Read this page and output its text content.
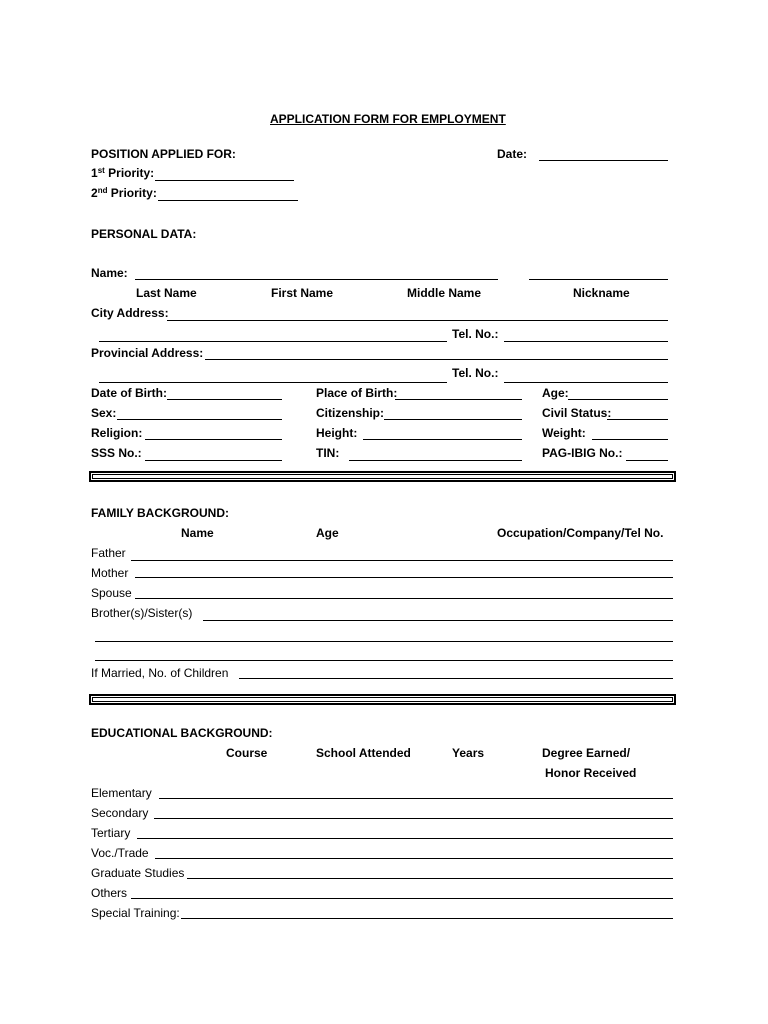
APPLICATION FORM FOR EMPLOYMENT
POSITION APPLIED FOR:	Date:
1st Priority:
2nd Priority:
PERSONAL DATA:
Name:
Last Name	First Name	Middle Name	Nickname
City Address:
Tel. No.:
Provincial Address:
Tel. No.:
Date of Birth:	Place of Birth:	Age:
Sex:	Citizenship:	Civil Status:
Religion:	Height:	Weight:
SSS No.:	TIN:	PAG-IBIG No.:
FAMILY BACKGROUND:
Name	Age	Occupation/Company/Tel No.
Father
Mother
Spouse
Brother(s)/Sister(s)
If Married, No. of Children
EDUCATIONAL BACKGROUND:
Course	School Attended	Years	Degree Earned/
Honor Received
Elementary
Secondary
Tertiary
Voc./Trade
Graduate Studies
Others
Special Training:
